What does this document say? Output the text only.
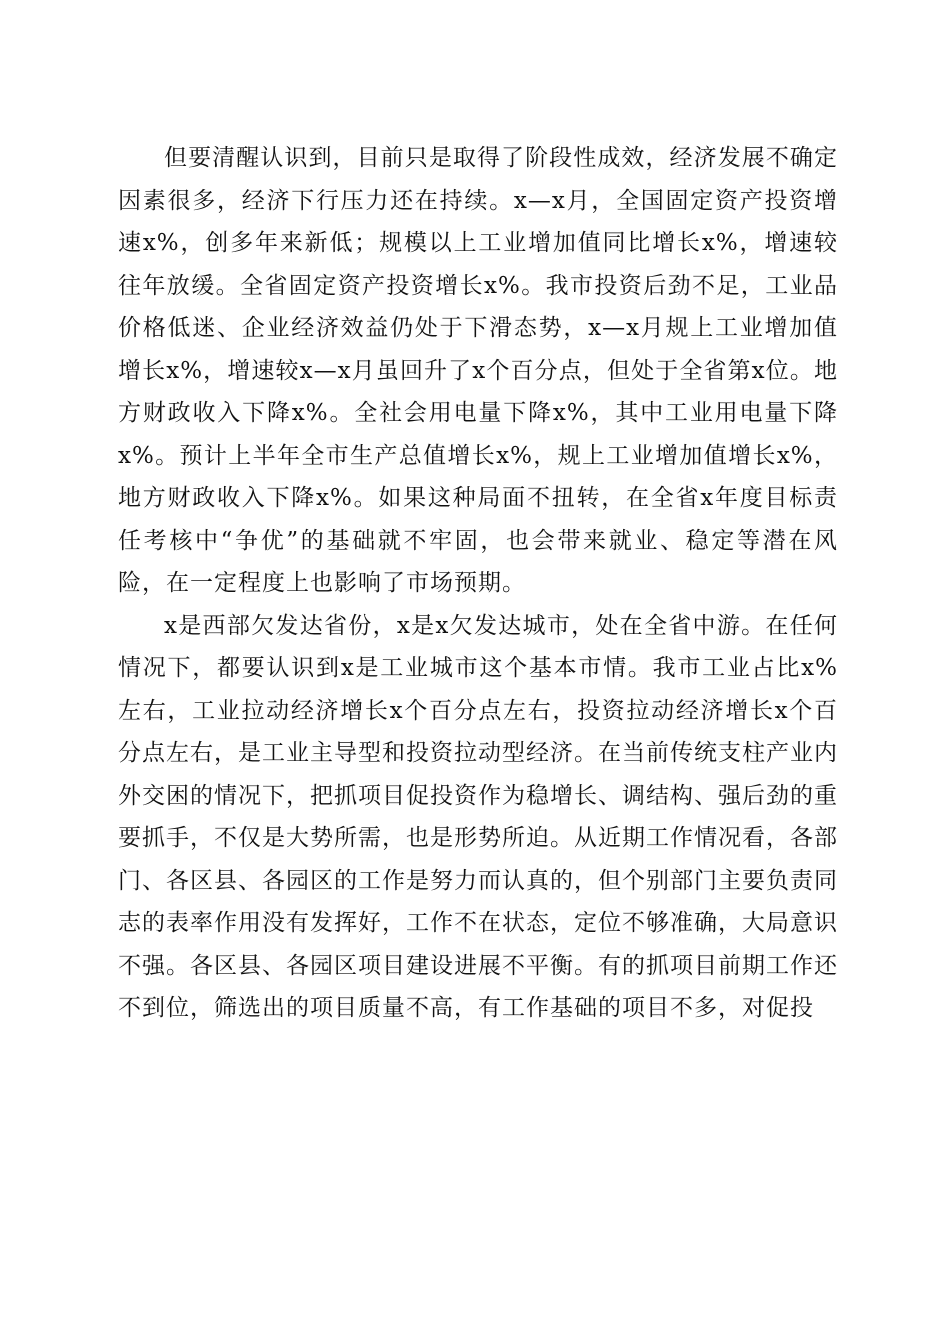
但要清醒认识到，目前只是取得了阶段性成效，经济发展不确定因素很多，经济下行压力还在持续。x—x月，全国固定资产投资增速x%，创多年来新低；规模以上工业增加值同比增长x%，增速较往年放缓。全省固定资产投资增长x%。我市投资后劲不足，工业品价格低迷、企业经济效益仍处于下滑态势，x—x月规上工业增加值增长x%，增速较x—x月虽回升了x个百分点，但处于全省第x位。地方财政收入下降x%。全社会用电量下降x%，其中工业用电量下降x%。预计上半年全市生产总值增长x%，规上工业增加值增长x%，地方财政收入下降x%。如果这种局面不扭转，在全省x年度目标责任考核中“争优”的基础就不牢固，也会带来就业、稳定等潜在风险，在一定程度上也影响了市场预期。

x是西部欠发达省份，x是x欠发达城市，处在全省中游。在任何情况下，都要认识到x是工业城市这个基本市情。我市工业占比x%左右，工业拉动经济增长x个百分点左右，投资拉动经济增长x个百分点左右，是工业主导型和投资拉动型经济。在当前传统支柱产业内外交困的情况下，把抓项目促投资作为稳增长、调结构、强后劲的重要抓手，不仅是大势所需，也是形势所迫。从近期工作情况看，各部门、各区县、各园区的工作是努力而认真的，但个别部门主要负责同志的表率作用没有发挥好，工作不在状态，定位不够准确，大局意识不强。各区县、各园区项目建设进展不平衡。有的抓项目前期工作还不到位，筛选出的项目质量不高，有工作基础的项目不多，对促投
